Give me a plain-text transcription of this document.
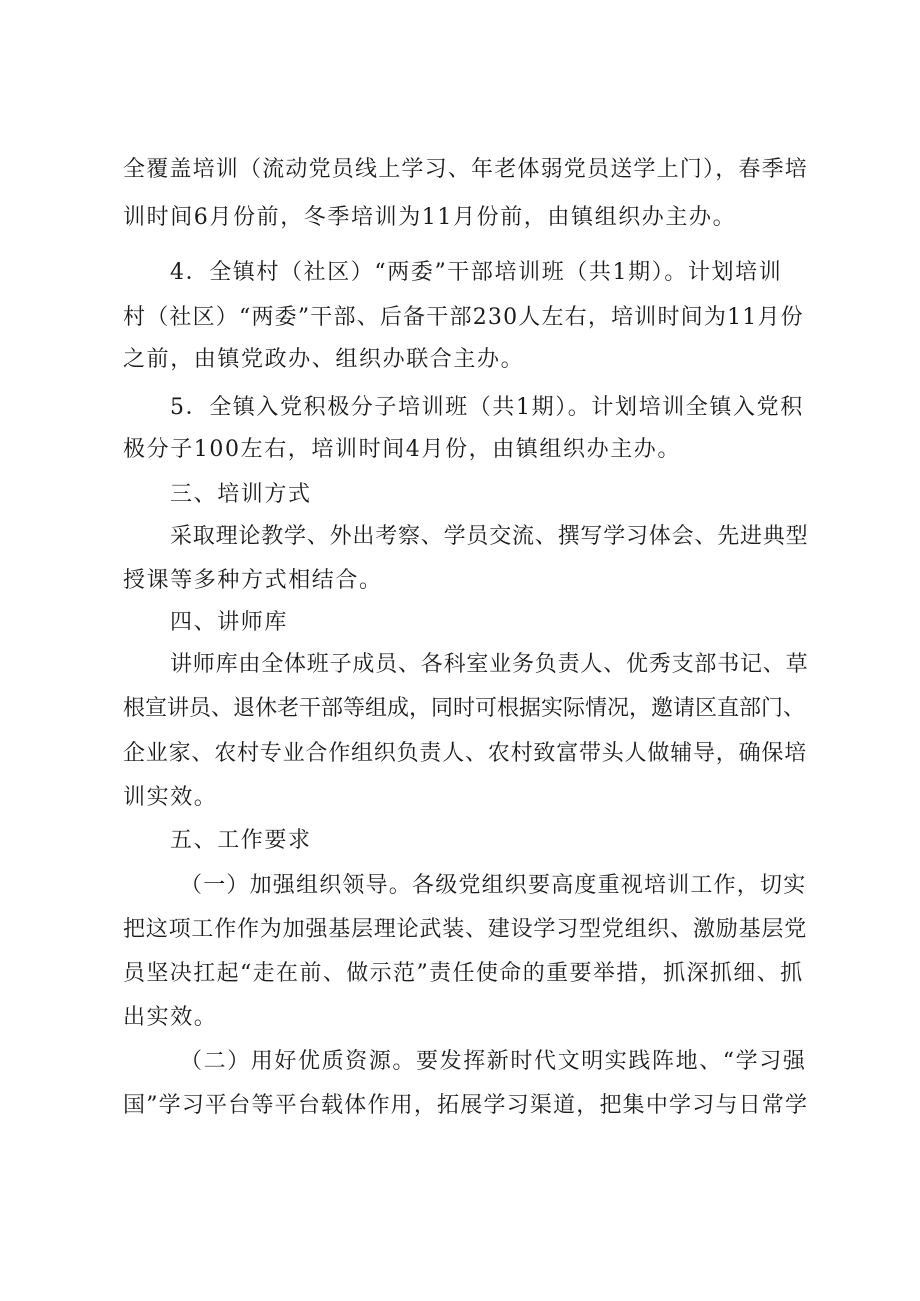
全覆盖培训（流动党员线上学习、年老体弱党员送学上门），春季培
训时间6月份前，冬季培训为11月份前，由镇组织办主办。
4．全镇村（社区）“两委”干部培训班（共1期）。计划培训
村（社区）“两委”干部、后备干部230人左右，培训时间为11月份
之前，由镇党政办、组织办联合主办。
5．全镇入党积极分子培训班（共1期）。计划培训全镇入党积
极分子100左右，培训时间4月份，由镇组织办主办。
三、培训方式
采取理论教学、外出考察、学员交流、撰写学习体会、先进典型
授课等多种方式相结合。
四、讲师库
讲师库由全体班子成员、各科室业务负责人、优秀支部书记、草
根宣讲员、退休老干部等组成，同时可根据实际情况，邀请区直部门、
企业家、农村专业合作组织负责人、农村致富带头人做辅导，确保培
训实效。
五、工作要求
（一）加强组织领导。各级党组织要高度重视培训工作，切实
把这项工作作为加强基层理论武装、建设学习型党组织、激励基层党
员坚决扛起“走在前、做示范”责任使命的重要举措，抓深抓细、抓
出实效。
（二）用好优质资源。要发挥新时代文明实践阵地、“学习强
国”学习平台等平台载体作用，拓展学习渠道，把集中学习与日常学
